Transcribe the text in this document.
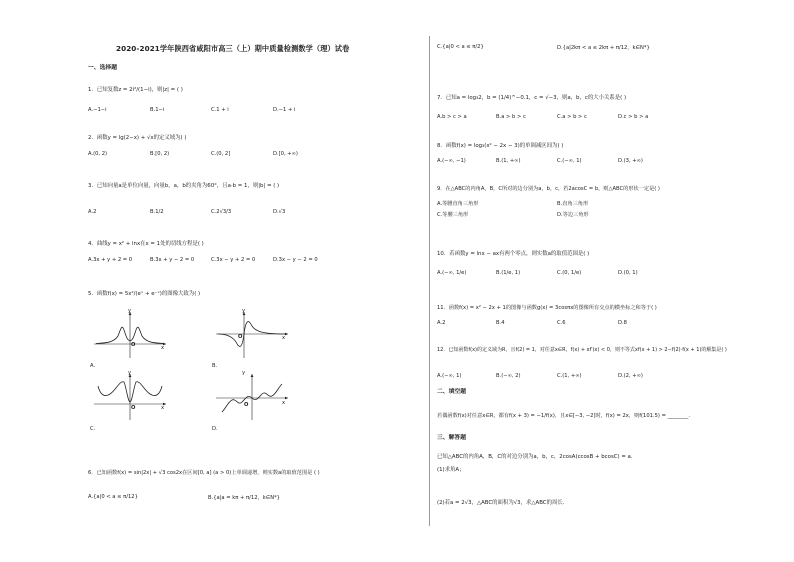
2020-2021学年陕西省咸阳市高三（上）期中质量检测数学（理）试卷
一、选择题
1．已知复数z = 2i²/(1−i)，则|z| = ( )
A.−1−i	B.1−i	C.1 + i	D.−1 + i
2．函数y = lg(2−x) + √x的定义域为( )
A.(0, 2)	B.[0, 2)	C.(0, 2]	D.[0, +∞)
3．已知向量a是单位向量，向量b，a，b的夹角为60°，且a·b = 1，则|b| = ( )
A.2	B.1/2	C.2√3/3	D.√3
4．曲线y = x² + lnx在x = 1处的切线方程是( )
A.3x + y + 2 = 0	B.3x + y − 2 = 0	C.3x − y + 2 = 0	D.3x − y − 2 = 0
5．函数f(x) = 5x²/(eˣ + e⁻ˣ)的图像大致为( )
y
x
O
A.
y
x
O
B.
y
x
O
C.
y
x
O
D.
6．已知函数f(x) = sin|2x| + √3 cos2x在区间[0, a] (a > 0)上单调递增，则实数a的取值范围是 ( )
A.{a|0 < a ≤ π/12}	B.{a|a = kπ + π/12，k∈N*}
C.{a|0 < a ≤ π/2}	D.{a|2kπ < a ≤ 2kπ + π/12，k∈N*}
7．已知a = log₃2，b = (1/4)^−0.1，c = √−3，则a，b，c的大小关系是( )
A.b > c > a	B.a > b > c	C.a > b > c	D.c > b > a
8．函数f(x) = log₃(x² − 2x − 3)的单调减区间为( )
A.(−∞, −1)	B.(1, +∞)	C.(−∞, 1)	D.(3, +∞)
9．在△ABC的内角A，B，C所对的边分别为a，b，c，若2acosC = b，则△ABC的形状一定是( )
A.等腰直角三角形	B.直角三角形
C.等腰三角形	D.等边三角形
10．若函数y = lnx − ax有两个零点，则实数a的取值范围是( )
A.(−∞, 1/e)	B.(1/e, 1)	C.(0, 1/e)	D.(0, 1)
11．函数f(x) = x² − 2x + 1的图像与函数g(x) = 3cosπx的图像所有交点的横坐标之和等于( )
A.2	B.4	C.6	D.8
12．已知函数f(x)的定义域为R，且f(2) = 1，对任意x∈R，f(x) + xf′(x) < 0，则不等式xf(x + 1) > 2−f(2)·f(x + 1)的解集是( )
A.(−∞, 1)	B.(−∞, 2)	C.(1, +∞)	D.(2, +∞)
二、填空题
若偶函数f(x)对任意x∈R，都有f(x + 3) = −1/f(x)，且x∈[−3, −2]时，f(x) = 2x，则f(101.5) = ________.
三、解答题
已知△ABC的内角A，B，C的对边分别为a，b，c，2cosA(ccosB + bcosC) = a.
(1)求角A；
(2)若a = 2√3，△ABC的面积为√3，求△ABC的周长.
